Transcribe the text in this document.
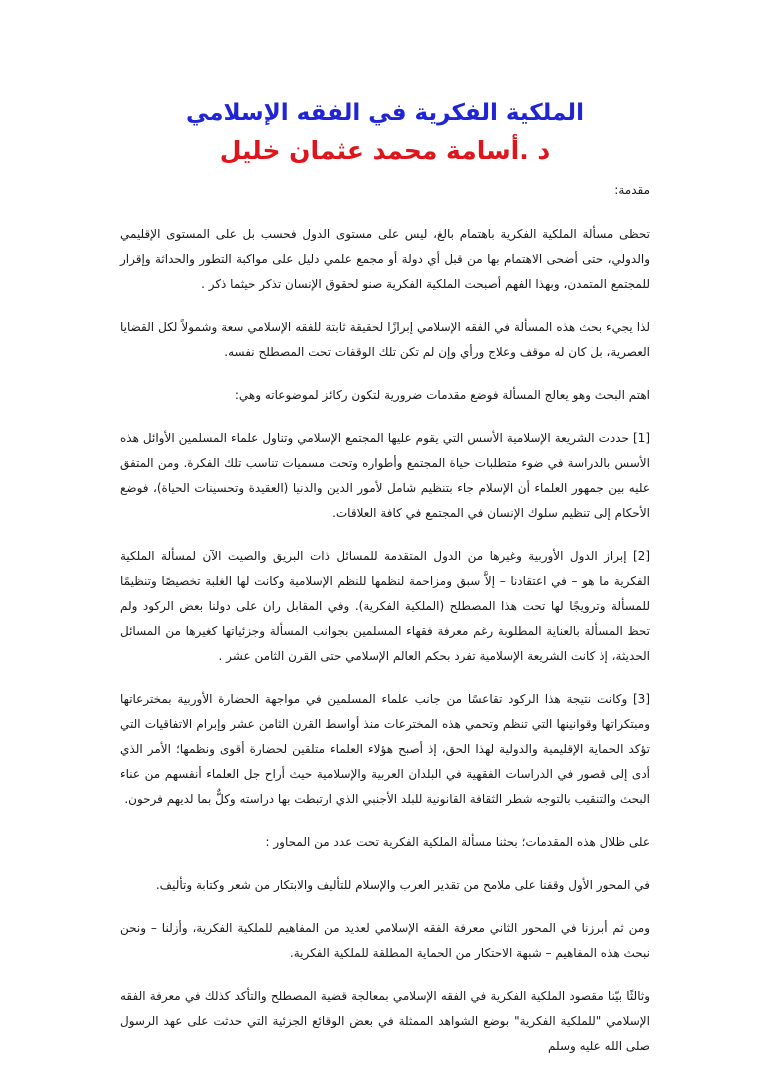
الملكية الفكرية في الفقه الإسلامي
د .أسامة محمد عثمان خليل

مقدمة:

تحظى مسألة الملكية الفكرية باهتمام بالغ، ليس على مستوى الدول فحسب بل على المستوى الإقليمي والدولي، حتى أضحى الاهتمام بها من قبل أي دولة أو مجمع علمي دليل على مواكبة التطور والحداثة وإقرار للمجتمع المتمدن، وبهذا الفهم أصبحت الملكية الفكرية صنو لحقوق الإنسان تذكر حيثما ذكر .

لذا يجيء بحث هذه المسألة في الفقه الإسلامي إبرازًا لحقيقة ثابتة للفقه الإسلامي سعة وشمولاً لكل القضايا العصرية، بل كان له موقف وعلاج ورأي وإن لم تكن تلك الوقفات تحت المصطلح نفسه.

اهتم البحث وهو يعالج المسألة فوضع مقدمات ضرورية لتكون ركائز لموضوعاته وهي:

[1] حددت الشريعة الإسلامية الأسس التي يقوم عليها المجتمع الإسلامي وتناول علماء المسلمين الأوائل هذه الأسس بالدراسة في ضوء متطلبات حياة المجتمع وأطواره وتحت مسميات تناسب تلك الفكرة. ومن المتفق عليه بين جمهور العلماء أن الإسلام جاء بتنظيم شامل لأمور الدين والدنيا (العقيدة وتحسينات الحياة)، فوضع الأحكام إلى تنظيم سلوك الإنسان في المجتمع في كافة العلاقات.

[2] إبراز الدول الأوربية وغيرها من الدول المتقدمة للمسائل ذات البريق والصيت الآن لمسألة الملكية الفكرية ما هو – في اعتقادنا – إلاَّ سبق ومزاحمة لنظمها للنظم الإسلامية وكانت لها الغلبة تخصيصًا وتنظيمًا للمسألة وترويجًا لها تحت هذا المصطلح (الملكية الفكرية). وفي المقابل ران على دولنا بعض الركود ولم تحظ المسألة بالعناية المطلوبة رغم معرفة فقهاء المسلمين بجوانب المسألة وجزئياتها كغيرها من المسائل الحديثة، إذ كانت الشريعة الإسلامية تفرد بحكم العالم الإسلامي حتى القرن الثامن عشر .

[3] وكانت نتيجة هذا الركود تقاعسًا من جانب علماء المسلمين في مواجهة الحضارة الأوربية بمخترعاتها ومبتكراتها وقوانينها التي تنظم وتحمي هذه المخترعات منذ أواسط القرن الثامن عشر وإبرام الاتفاقيات التي تؤكد الحماية الإقليمية والدولية لهذا الحق، إذ أصبح هؤلاء العلماء متلقين لحضارة أقوى ونظمها؛ الأمر الذي أدى إلى قصور في الدراسات الفقهية في البلدان العربية والإسلامية حيث أراح جل العلماء أنفسهم من عناء البحث والتنقيب بالتوجه شطر الثقافة القانونية للبلد الأجنبي الذي ارتبطت بها دراسته وكلٌّ بما لديهم فرحون.

على ظلال هذه المقدمات؛ بحثنا مسألة الملكية الفكرية تحت عدد من المحاور :

في المحور الأول وقفنا على ملامح من تقدير العرب والإسلام للتأليف والابتكار من شعر وكتابة وتأليف.

ومن ثم أبرزنا في المحور الثاني معرفة الفقه الإسلامي لعديد من المفاهيم للملكية الفكرية، وأزلنا – ونحن نبحث هذه المفاهيم – شبهة الاحتكار من الحماية المطلقة للملكية الفكرية.

وثالثًا بيّنا مقصود الملكية الفكرية في الفقه الإسلامي بمعالجة قضية المصطلح والتأكد كذلك في معرفة الفقه الإسلامي "للملكية الفكرية" بوضع الشواهد الممثلة في بعض الوقائع الجزئية التي حدثت على عهد الرسول صلى الله عليه وسلم
